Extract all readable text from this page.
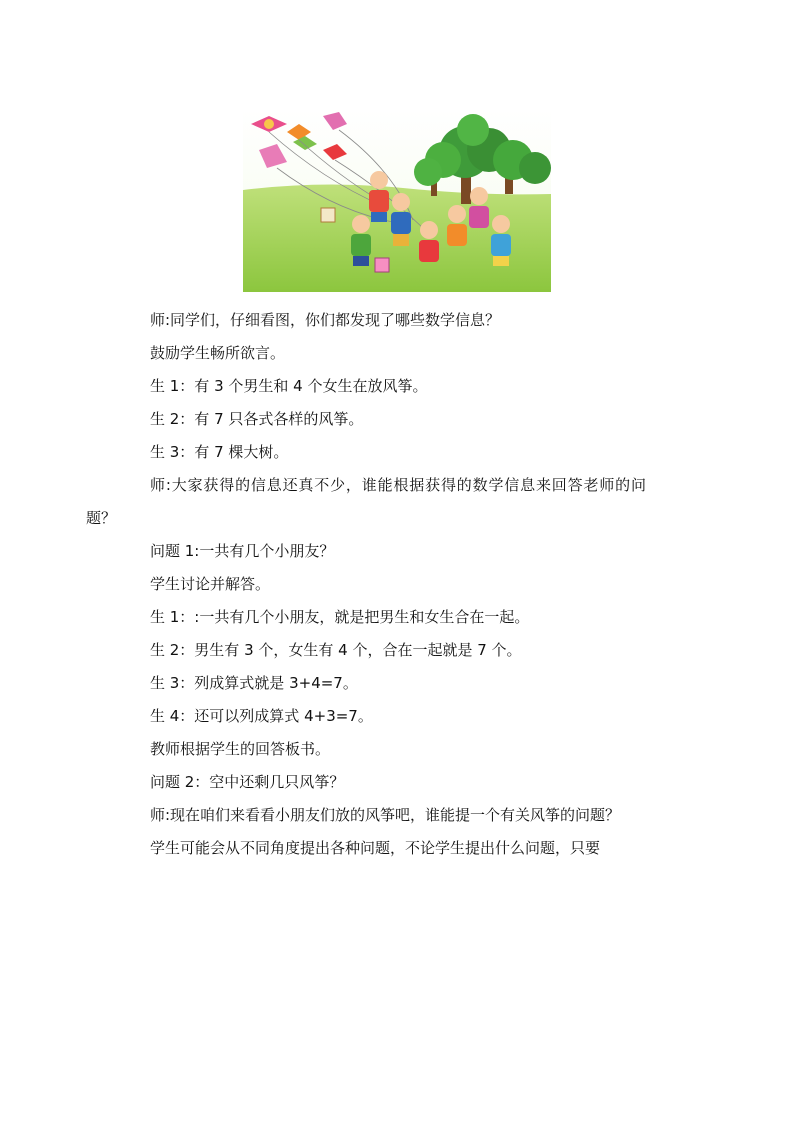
师:同学们，仔细看图，你们都发现了哪些数学信息？

鼓励学生畅所欲言。

生 1：有 3 个男生和 4 个女生在放风筝。

生 2：有 7 只各式各样的风筝。

生 3：有 7 棵大树。

师:大家获得的信息还真不少，谁能根据获得的数学信息来回答老师的问题？

问题 1:一共有几个小朋友？

学生讨论并解答。

生 1：:一共有几个小朋友，就是把男生和女生合在一起。

生 2：男生有 3 个，女生有 4 个，合在一起就是 7 个。

生 3：列成算式就是 3+4=7。

生 4：还可以列成算式 4+3=7。

教师根据学生的回答板书。

问题 2：空中还剩几只风筝？

师:现在咱们来看看小朋友们放的风筝吧，谁能提一个有关风筝的问题？

学生可能会从不同角度提出各种问题，不论学生提出什么问题，只要
